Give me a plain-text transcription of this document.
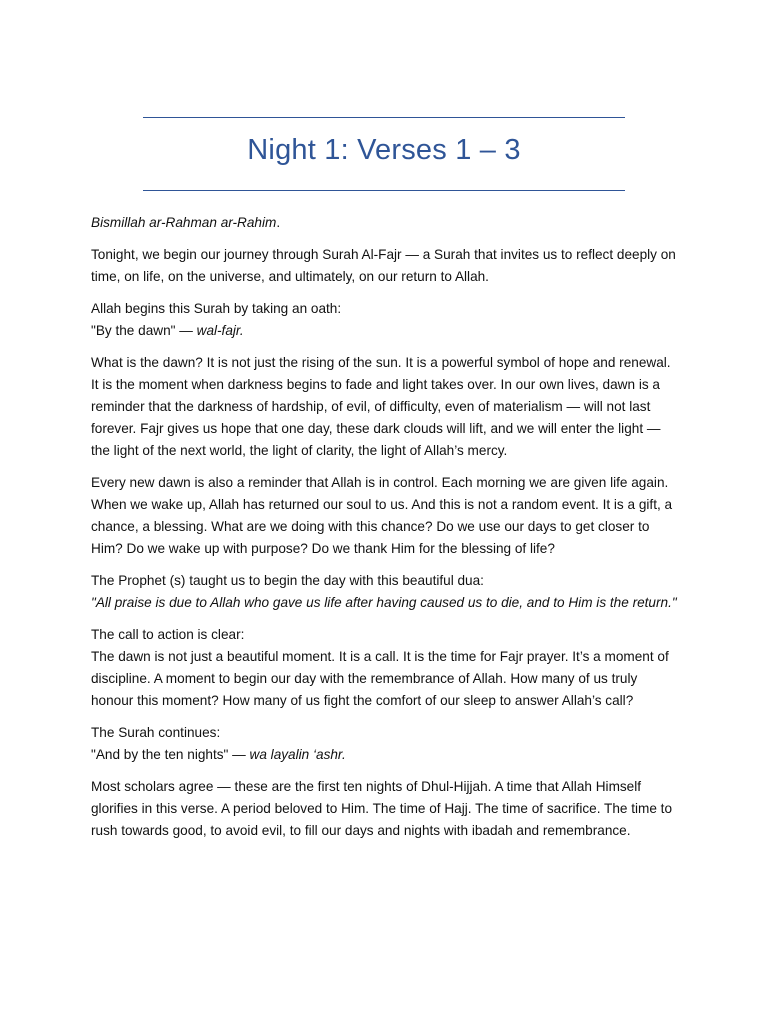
Night 1: Verses 1 – 3

Bismillah ar-Rahman ar-Rahim.

Tonight, we begin our journey through Surah Al-Fajr — a Surah that invites us to reflect deeply on time, on life, on the universe, and ultimately, on our return to Allah.

Allah begins this Surah by taking an oath:
"By the dawn" — wal-fajr.

What is the dawn? It is not just the rising of the sun. It is a powerful symbol of hope and renewal. It is the moment when darkness begins to fade and light takes over. In our own lives, dawn is a reminder that the darkness of hardship, of evil, of difficulty, even of materialism — will not last forever. Fajr gives us hope that one day, these dark clouds will lift, and we will enter the light — the light of the next world, the light of clarity, the light of Allah’s mercy.

Every new dawn is also a reminder that Allah is in control. Each morning we are given life again. When we wake up, Allah has returned our soul to us. And this is not a random event. It is a gift, a chance, a blessing. What are we doing with this chance? Do we use our days to get closer to Him? Do we wake up with purpose? Do we thank Him for the blessing of life?

The Prophet (s) taught us to begin the day with this beautiful dua:
"All praise is due to Allah who gave us life after having caused us to die, and to Him is the return."

The call to action is clear:
The dawn is not just a beautiful moment. It is a call. It is the time for Fajr prayer. It’s a moment of discipline. A moment to begin our day with the remembrance of Allah. How many of us truly honour this moment? How many of us fight the comfort of our sleep to answer Allah’s call?

The Surah continues:
"And by the ten nights" — wa layalin ‘ashr.

Most scholars agree — these are the first ten nights of Dhul-Hijjah. A time that Allah Himself glorifies in this verse. A period beloved to Him. The time of Hajj. The time of sacrifice. The time to rush towards good, to avoid evil, to fill our days and nights with ibadah and remembrance.
